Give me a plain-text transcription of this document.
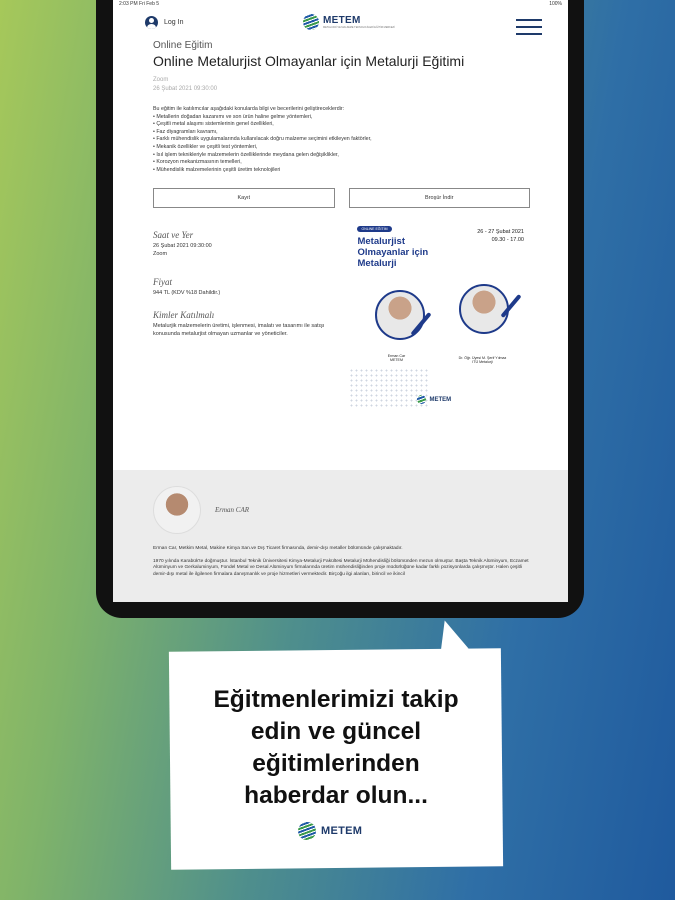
2:03 PM Fri Feb 5	100%
Log In	METEM
METALURJİ VE MALZEME TEKNOLOJİLERİ EĞİTİM MERKEZİ
Online Eğitim
Online Metalurjist Olmayanlar için Metalurji Eğitimi
Zoom
26 Şubat 2021 09:30:00
Bu eğitim ile katılımcılar aşağıdaki konularda bilgi ve becerilerini geliştireceklerdir:
• Metallerin doğadan kazanımı ve son ürün haline gelme yöntemleri,
• Çeşitli metal alaşımı sistemlerinin genel özellikleri,
• Faz diyagramları kavramı,
• Farklı mühendislik uygulamalarında kullanılacak doğru malzeme seçimini etkileyen faktörler,
• Mekanik özellikler ve çeşitli test yöntemleri,
• Isıl işlem teknikleriyle malzemelerin özelliklerinde meydana gelen değişiklikler,
• Korozyon mekanizmasının temelleri,
• Mühendislik malzemelerinin çeşitli üretim teknolojileri
Kayıt	Broşür İndir
Saat ve Yer
26 Şubat 2021 09:30:00
Zoom
Fiyat
944 TL (KDV %18 Dahildir.)
Kimler Katılmalı
Metalurjik malzemelerin üretimi, işlenmesi, imalatı ve tasarımı ile satışı konusunda metalurjist olmayan uzmanlar ve yöneticiler.
ONLINE EĞİTİM	26 - 27 Şubat 2021
09.30 - 17.00
Metalurjist
Olmayanlar için
Metalurji
Erman Car
METEM	Dr. Öğr. Üyesi M. Şerif Yılmaz
ITÜ Metalurji
METEM
Erman CAR
Erman Car, Metkim Metal, Makine Kimya San.ve Dış Ticaret firmasında, demir-dışı metaller bölümünde çalışmaktadır.
1970 yılında Karabük'te doğmuştur. İstanbul Teknik Üniversitesi Kimya-Metalurji Fakültesi Metalurji Mühendisliği bölümünden mezun olmuştur. Başta Teknik Alüminyum, Eczamet Alüminyum ve Gerkaluminyum, Fondel Metal ve Desal Alüminyum firmalarında üretim mühendisliğinden proje müdürlüğüne kadar farklı pozisyonlarda çalışmıştır. Halen çeşitli demir-dışı metal ile ilgilenen firmalara danışmanlık ve proje hizmetleri vermektedir. Birçoğu ilgi alanları, birincil ve ikincil
Eğitmenlerimizi takip
edin ve güncel
eğitimlerinden
haberdar olun...
METEM
